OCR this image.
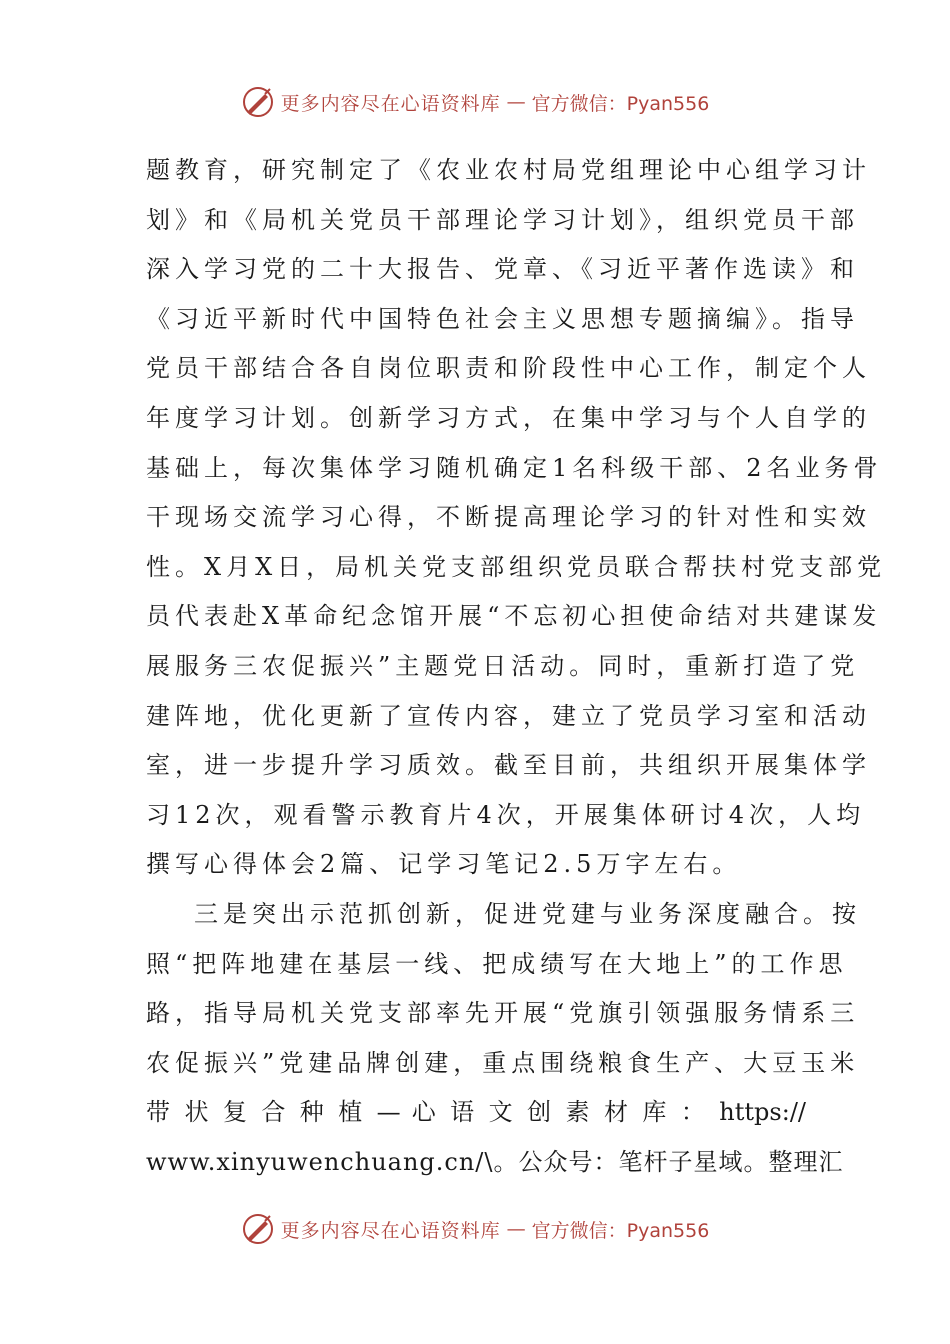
更多内容尽在心语资料库 — 官方微信：Pyan556
题教育，研究制定了《农业农村局党组理论中心组学习计
划》和《局机关党员干部理论学习计划》，组织党员干部
深入学习党的二十大报告、党章、《习近平著作选读》和
《习近平新时代中国特色社会主义思想专题摘编》。指导
党员干部结合各自岗位职责和阶段性中心工作，制定个人
年度学习计划。创新学习方式，在集中学习与个人自学的
基础上，每次集体学习随机确定1名科级干部、2名业务骨
干现场交流学习心得，不断提高理论学习的针对性和实效
性。X月X日，局机关党支部组织党员联合帮扶村党支部党
员代表赴X革命纪念馆开展“不忘初心担使命结对共建谋发
展服务三农促振兴”主题党日活动。同时，重新打造了党
建阵地，优化更新了宣传内容，建立了党员学习室和活动
室，进一步提升学习质效。截至目前，共组织开展集体学
习12次，观看警示教育片4次，开展集体研讨4次，人均
撰写心得体会2篇、记学习笔记2.5万字左右。
三是突出示范抓创新，促进党建与业务深度融合。按
照“把阵地建在基层一线、把成绩写在大地上”的工作思
路，指导局机关党支部率先开展“党旗引领强服务情系三
农促振兴”党建品牌创建，重点围绕粮食生产、大豆玉米
带 状 复 合 种 植 — 心 语 文 创 素 材 库 ： https://
www.xinyuwenchuang.cn/\。公众号：笔杆子星域。整理汇
更多内容尽在心语资料库 — 官方微信：Pyan556
